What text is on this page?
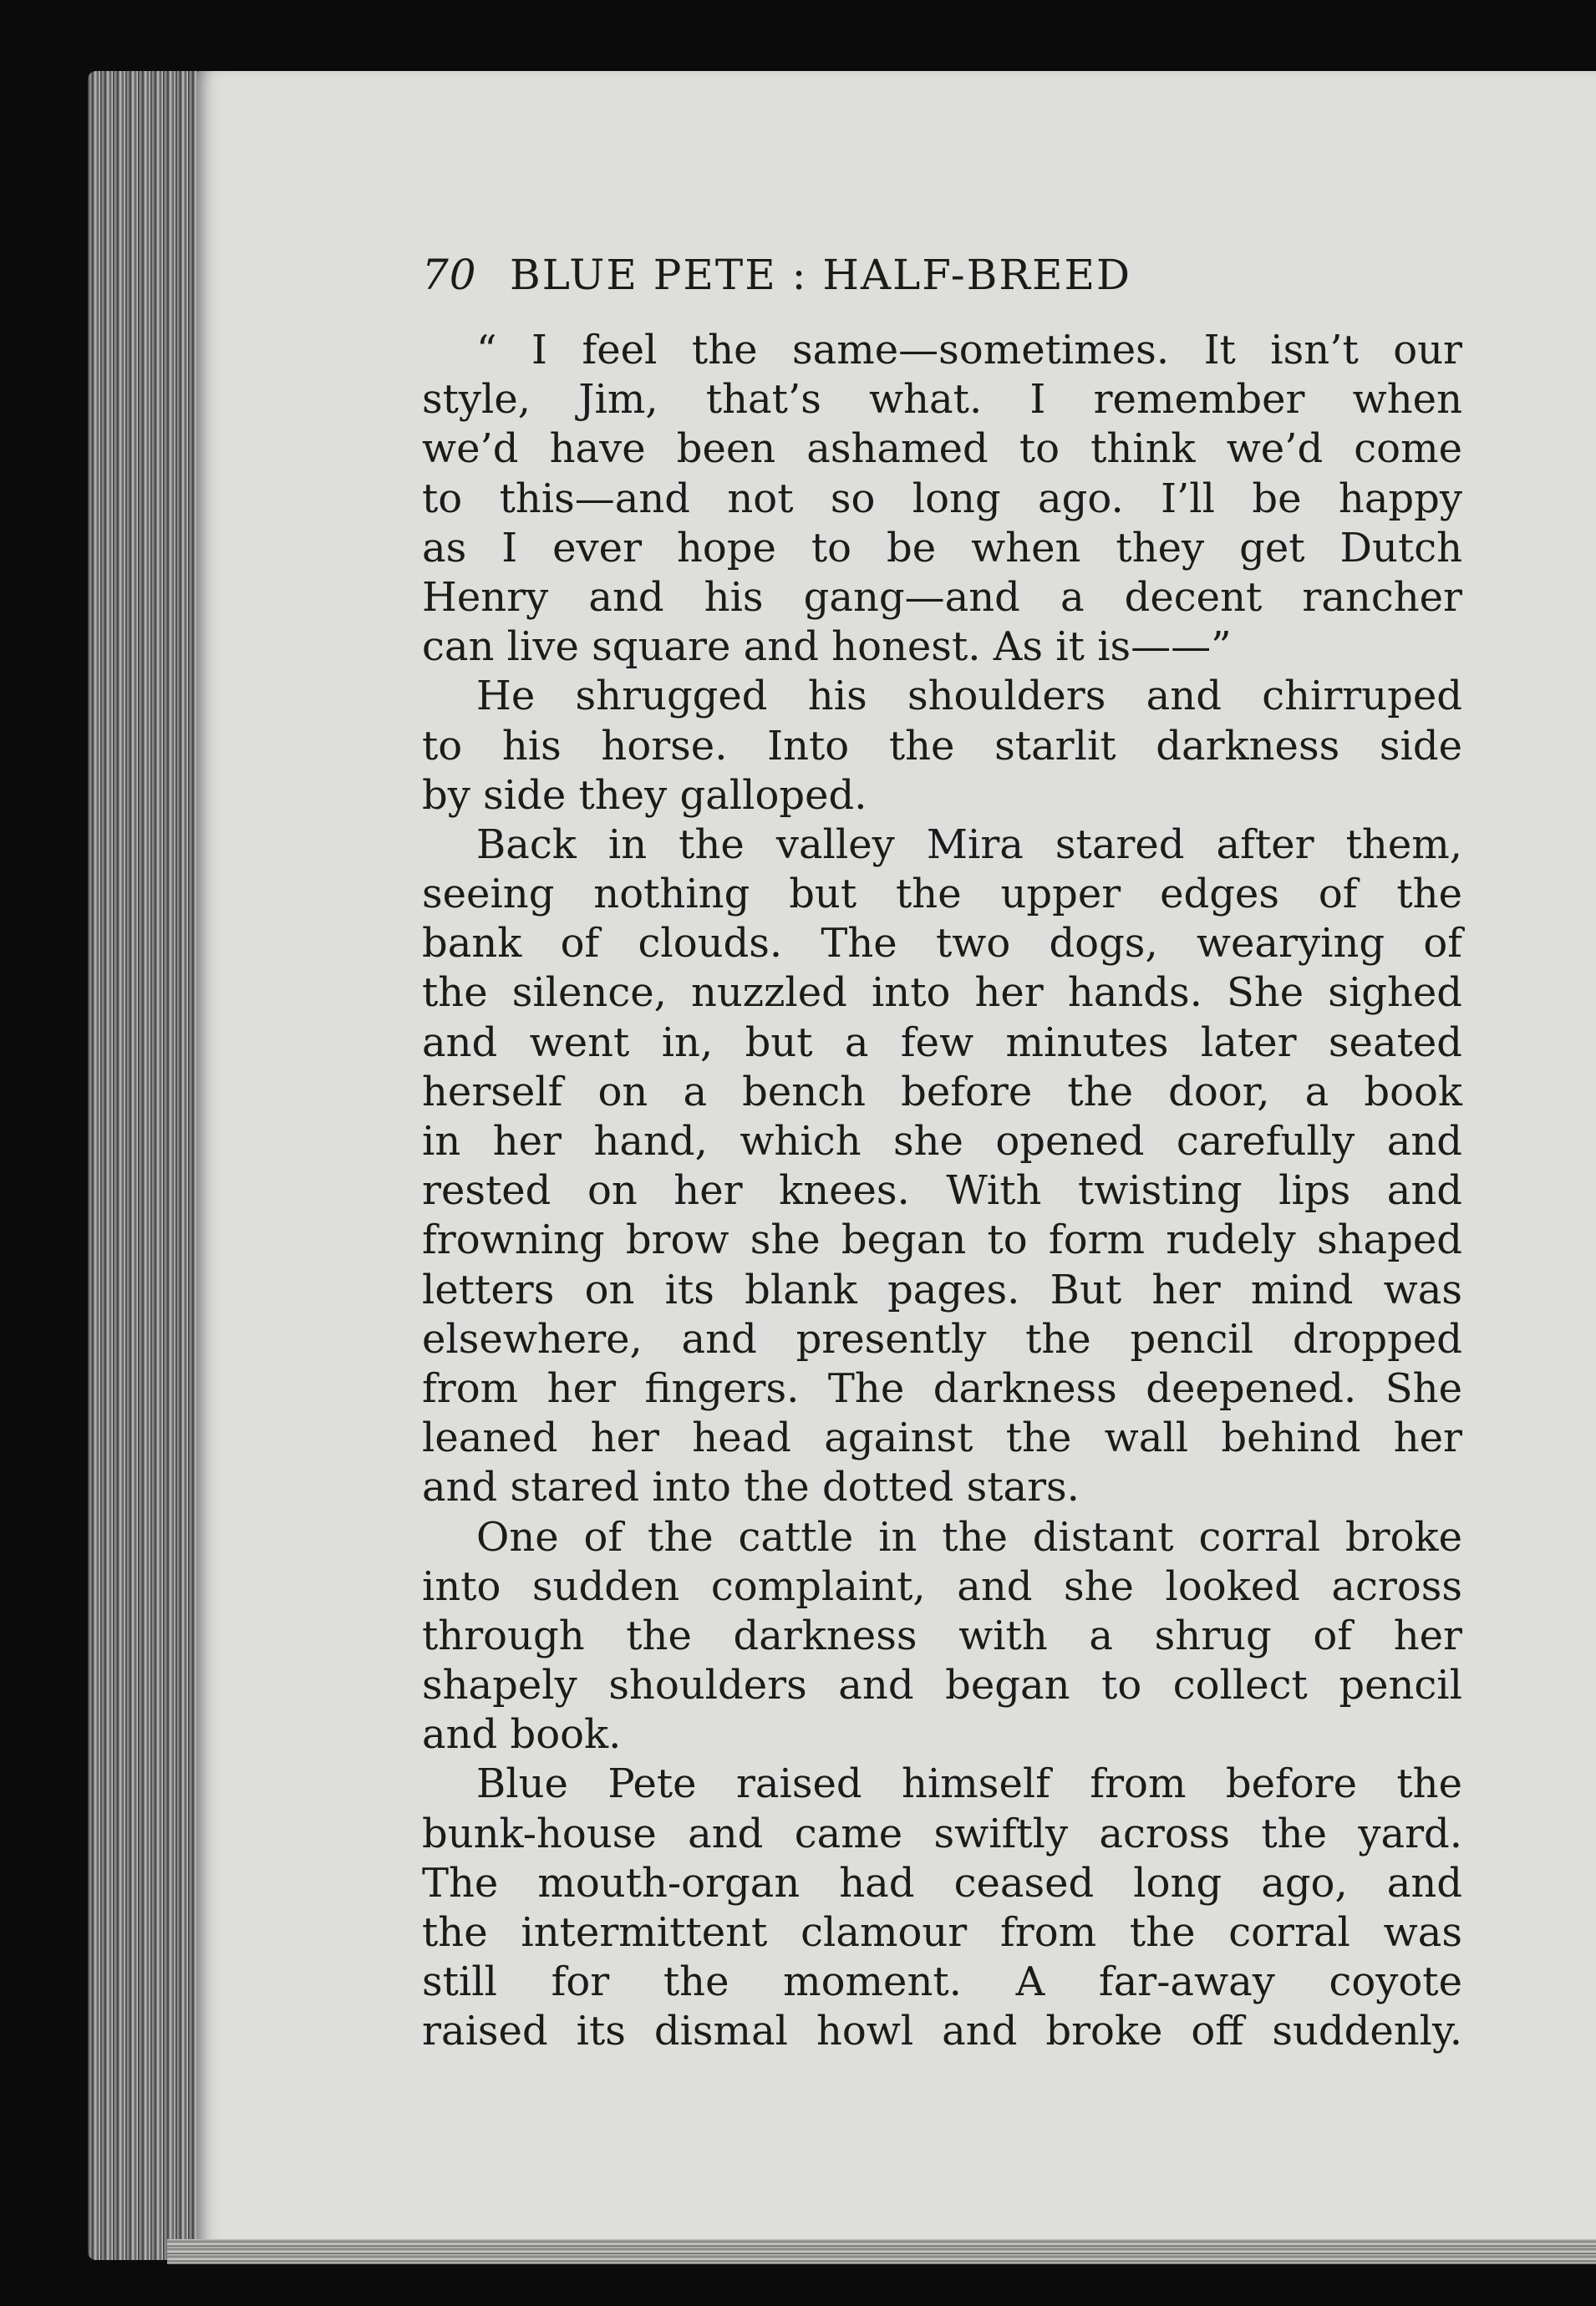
70 BLUE PETE : HALF-BREED
“ I feel the same—sometimes. It isn’t our
style, Jim, that’s what. I remember when
we’d have been ashamed to think we’d come
to this—and not so long ago. I’ll be happy
as I ever hope to be when they get Dutch
Henry and his gang—and a decent rancher
can live square and honest. As it is——”
He shrugged his shoulders and chirruped
to his horse. Into the starlit darkness side
by side they galloped.
Back in the valley Mira stared after them,
seeing nothing but the upper edges of the
bank of clouds. The two dogs, wearying of
the silence, nuzzled into her hands. She sighed
and went in, but a few minutes later seated
herself on a bench before the door, a book
in her hand, which she opened carefully and
rested on her knees. With twisting lips and
frowning brow she began to form rudely shaped
letters on its blank pages. But her mind was
elsewhere, and presently the pencil dropped
from her fingers. The darkness deepened. She
leaned her head against the wall behind her
and stared into the dotted stars.
One of the cattle in the distant corral broke
into sudden complaint, and she looked across
through the darkness with a shrug of her
shapely shoulders and began to collect pencil
and book.
Blue Pete raised himself from before the
bunk-house and came swiftly across the yard.
The mouth-organ had ceased long ago, and
the intermittent clamour from the corral was
still for the moment. A far-away coyote
raised its dismal howl and broke off suddenly.
